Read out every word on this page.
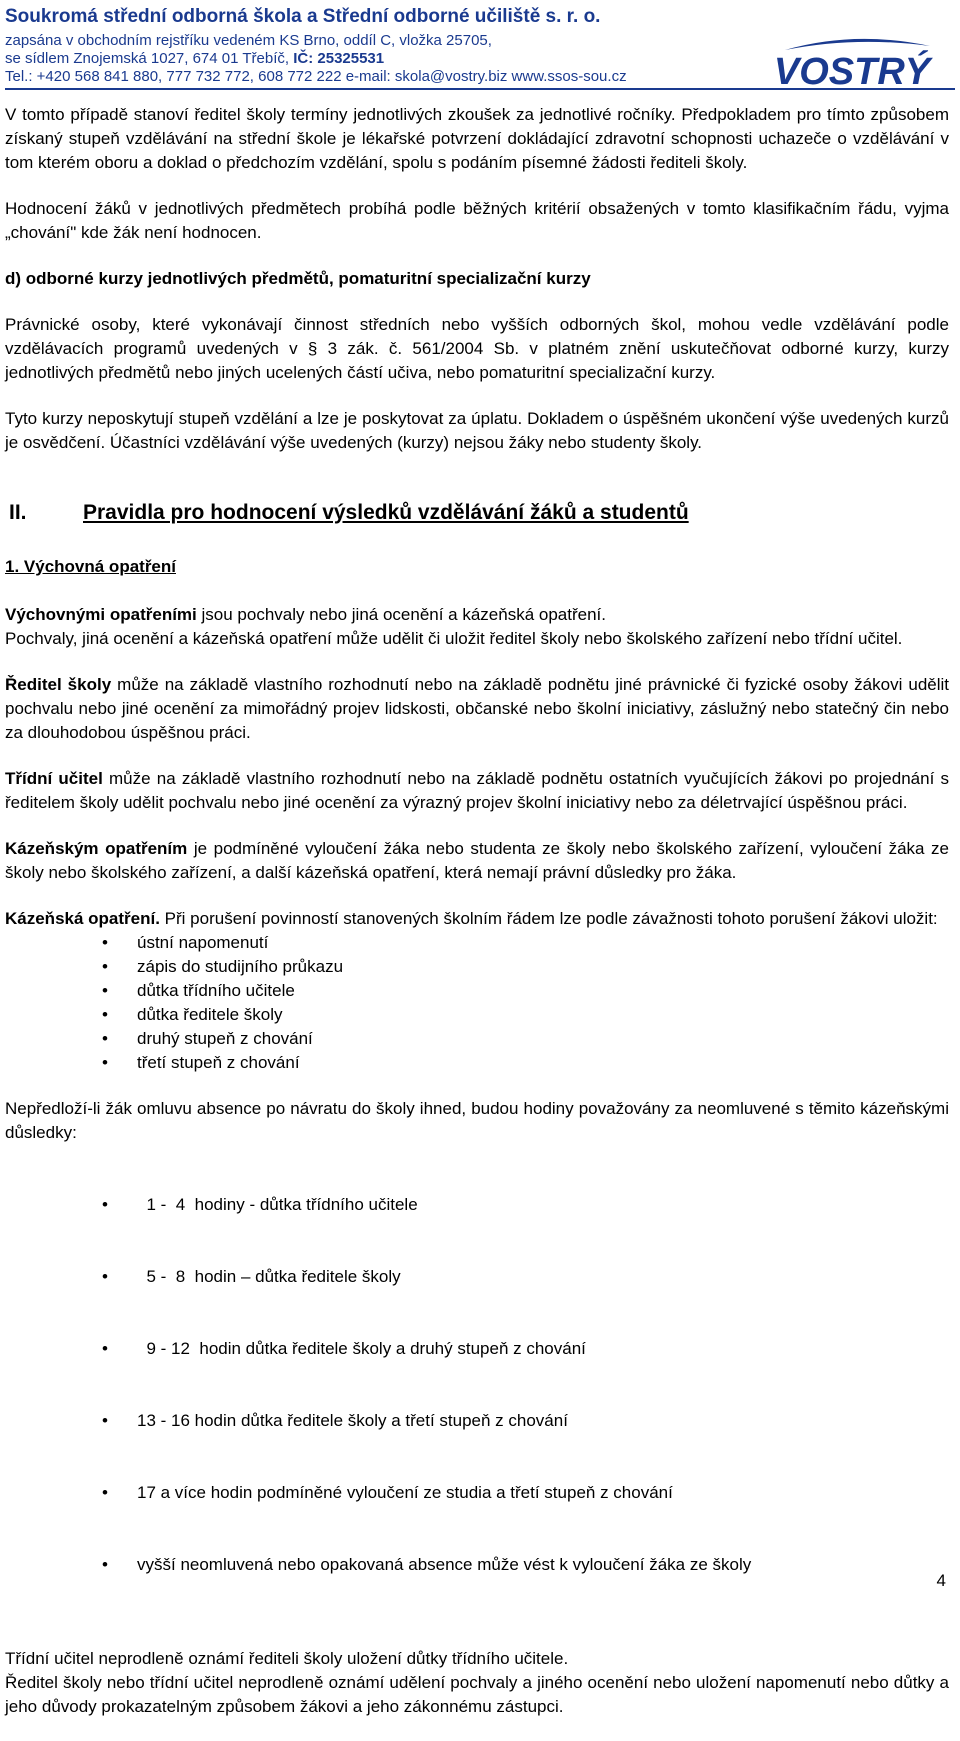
Soukromá střední odborná škola a Střední odborné učiliště s. r. o.
zapsána v obchodním rejstříku vedeném KS Brno, oddíl C, vložka 25705,
se sídlem Znojemská 1027, 674 01 Třebíč, IČ: 25325531
Tel.: +420 568 841 880, 777 732 772, 608 772 222 e-mail: skola@vostry.biz www.ssos-sou.cz	VOSTRÝ

V tomto případě stanoví ředitel školy termíny jednotlivých zkoušek za jednotlivé ročníky. Předpokladem pro tímto způsobem získaný stupeň vzdělávání na střední škole je lékařské potvrzení dokládající zdravotní schopnosti uchazeče o vzdělávání v tom kterém oboru a doklad o předchozím vzdělání, spolu s podáním písemné žádosti řediteli školy.

Hodnocení žáků v jednotlivých předmětech probíhá podle běžných kritérií obsažených v tomto klasifikačním řádu, vyjma „chování" kde žák není hodnocen.

d) odborné kurzy jednotlivých předmětů, pomaturitní specializační kurzy

Právnické osoby, které vykonávají činnost středních nebo vyšších odborných škol, mohou vedle vzdělávání podle vzdělávacích programů uvedených v § 3 zák. č. 561/2004 Sb. v platném znění uskutečňovat odborné kurzy, kurzy jednotlivých předmětů nebo jiných ucelených částí učiva, nebo pomaturitní specializační kurzy.

Tyto kurzy neposkytují stupeň vzdělání a lze je poskytovat za úplatu. Dokladem o úspěšném ukončení výše uvedených kurzů je osvědčení. Účastníci vzdělávání výše uvedených (kurzy) nejsou žáky nebo studenty školy.

II.	Pravidla pro hodnocení výsledků vzdělávání žáků a studentů
1. Výchovná opatření

Výchovnými opatřeními jsou pochvaly nebo jiná ocenění a kázeňská opatření.

Pochvaly, jiná ocenění a kázeňská opatření může udělit či uložit ředitel školy nebo školského zařízení nebo třídní učitel.

Ředitel školy může na základě vlastního rozhodnutí nebo na základě podnětu jiné právnické či fyzické osoby žákovi udělit pochvalu nebo jiné ocenění za mimořádný projev lidskosti, občanské nebo školní iniciativy, záslužný nebo statečný čin nebo za dlouhodobou úspěšnou práci.

Třídní učitel může na základě vlastního rozhodnutí nebo na základě podnětu ostatních vyučujících žákovi po projednání s ředitelem školy udělit pochvalu nebo jiné ocenění za výrazný projev školní iniciativy nebo za déletrvající úspěšnou práci.

Kázeňským opatřením je podmíněné vyloučení žáka nebo studenta ze školy nebo školského zařízení, vyloučení žáka ze školy nebo školského zařízení, a další kázeňská opatření, která nemají právní důsledky pro žáka.

Kázeňská opatření. Při porušení povinností stanovených školním řádem lze podle závažnosti tohoto porušení žákovi uložit:

• ústní napomenutí
• zápis do studijního průkazu
• důtka třídního učitele
• důtka ředitele školy
• druhý stupeň z chování
• třetí stupeň z chování

Nepředloží-li žák omluvu absence po návratu do školy ihned, budou hodiny považovány za neomluvené s těmito kázeňskými důsledky:

•   1 -  4  hodiny - důtka třídního učitele

•   5 -  8  hodin – důtka ředitele školy

•   9 - 12  hodin důtka ředitele školy a druhý stupeň z chování

• 13 - 16 hodin důtka ředitele školy a třetí stupeň z chování

• 17 a více hodin podmíněné vyloučení ze studia a třetí stupeň z chování

• vyšší neomluvená nebo opakovaná absence může vést k vyloučení žáka ze školy

Třídní učitel neprodleně oznámí řediteli školy uložení důtky třídního učitele.

Ředitel školy nebo třídní učitel neprodleně oznámí udělení pochvaly a jiného ocenění nebo uložení napomenutí nebo důtky a jeho důvody prokazatelným způsobem žákovi a jeho zákonnému zástupci.

4
